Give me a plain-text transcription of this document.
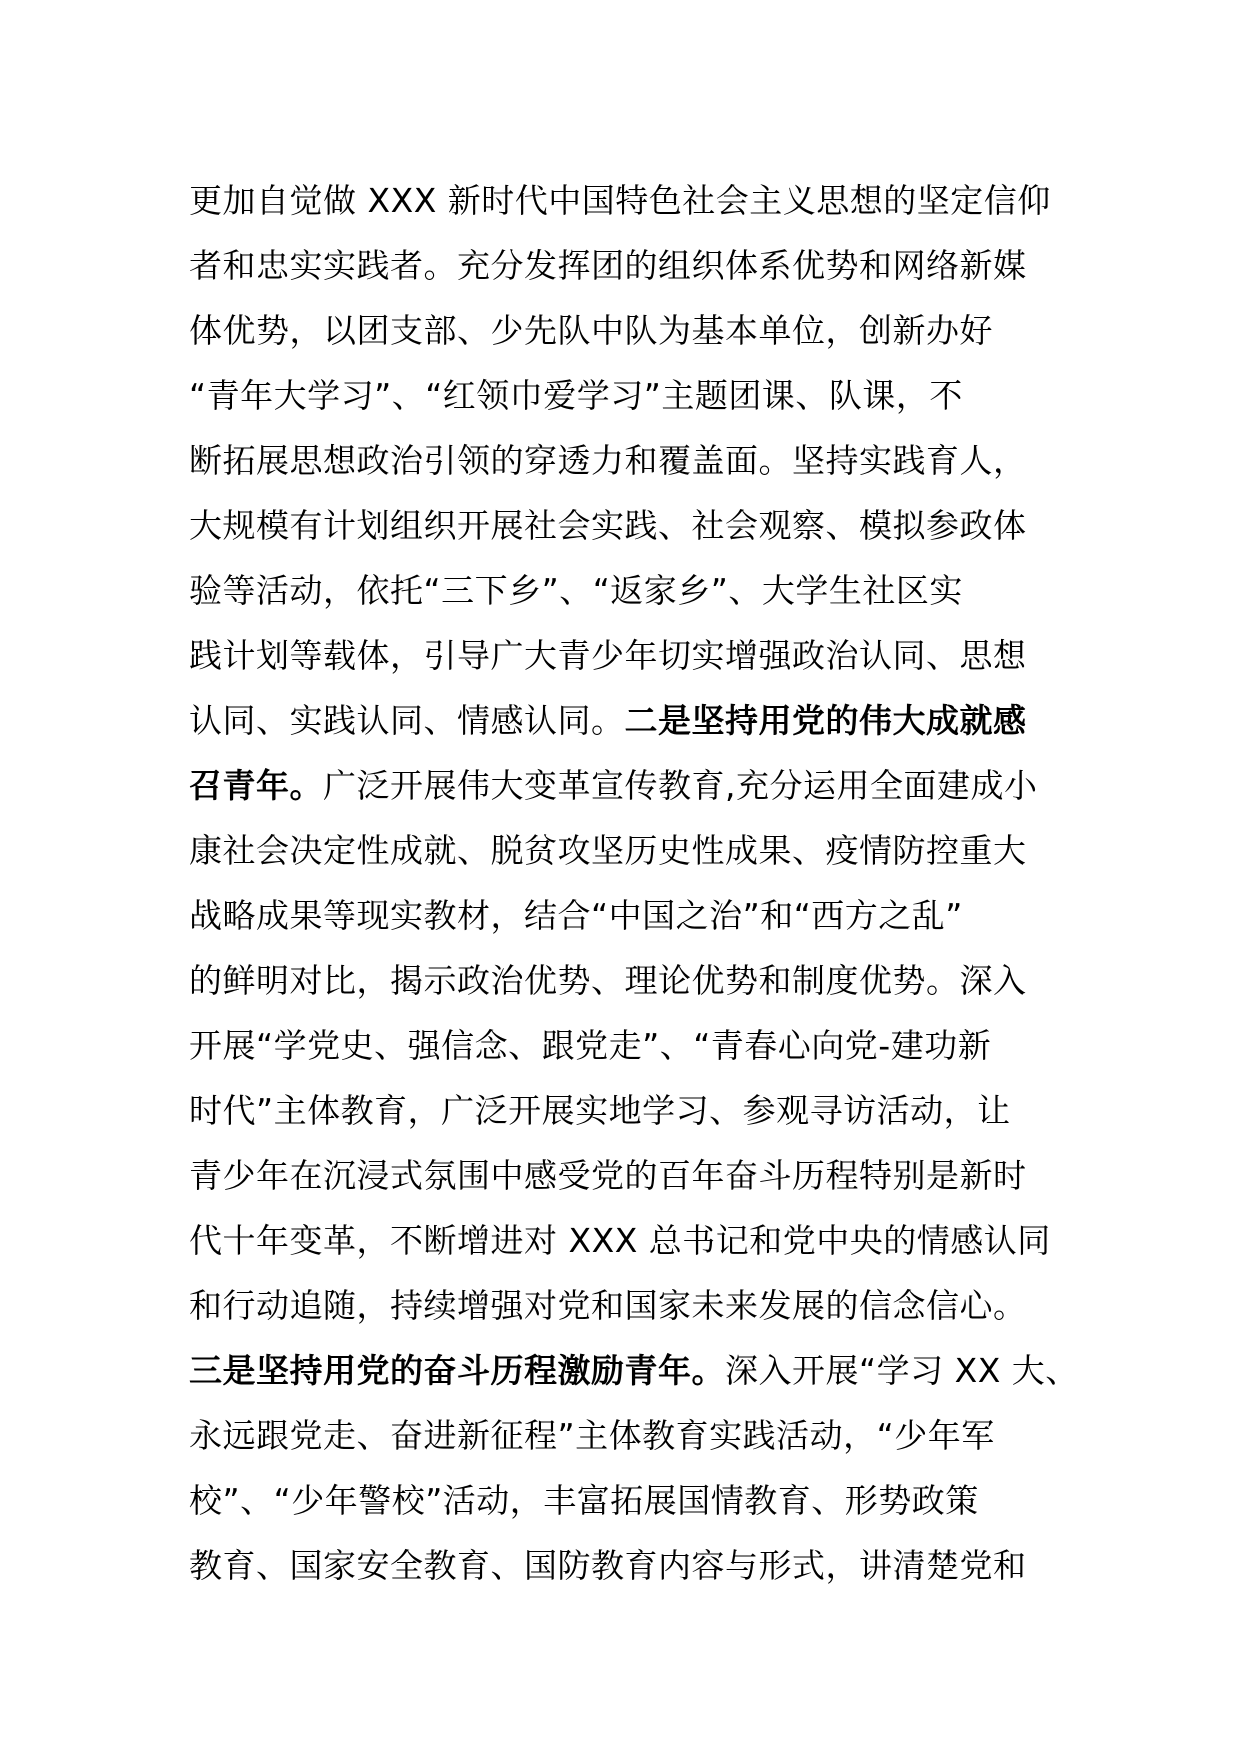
更加自觉做 XXX 新时代中国特色社会主义思想的坚定信仰
者和忠实实践者。充分发挥团的组织体系优势和网络新媒
体优势，以团支部、少先队中队为基本单位，创新办好
“青年大学习”、“红领巾爱学习”主题团课、队课，不
断拓展思想政治引领的穿透力和覆盖面。坚持实践育人，
大规模有计划组织开展社会实践、社会观察、模拟参政体
验等活动，依托“三下乡”、“返家乡”、大学生社区实
践计划等载体，引导广大青少年切实增强政治认同、思想
认同、实践认同、情感认同。二是坚持用党的伟大成就感
召青年。广泛开展伟大变革宣传教育,充分运用全面建成小
康社会决定性成就、脱贫攻坚历史性成果、疫情防控重大
战略成果等现实教材，结合“中国之治”和“西方之乱”
的鲜明对比，揭示政治优势、理论优势和制度优势。深入
开展“学党史、强信念、跟党走”、“青春心向党-建功新
时代”主体教育，广泛开展实地学习、参观寻访活动，让
青少年在沉浸式氛围中感受党的百年奋斗历程特别是新时
代十年变革，不断增进对 XXX 总书记和党中央的情感认同
和行动追随，持续增强对党和国家未来发展的信念信心。
三是坚持用党的奋斗历程激励青年。深入开展“学习 XX 大、
永远跟党走、奋进新征程”主体教育实践活动，“少年军
校”、“少年警校”活动，丰富拓展国情教育、形势政策
教育、国家安全教育、国防教育内容与形式，讲清楚党和
